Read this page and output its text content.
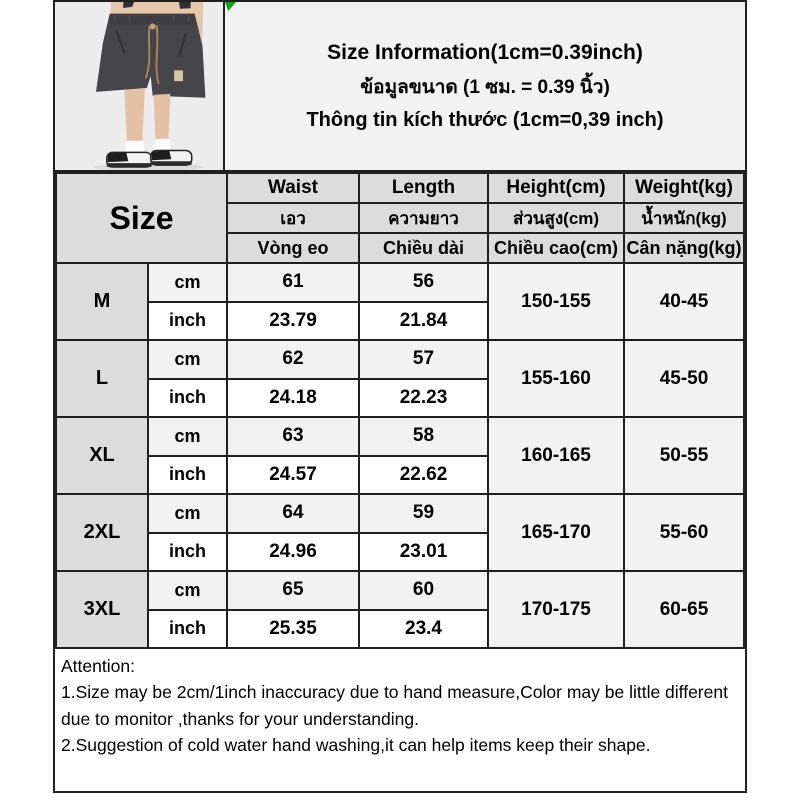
Size Information(1cm=0.39inch)
ข้อมูลขนาด (1 ซม. = 0.39 นิ้ว)
Thông tin kích thước (1cm=0,39 inch)
Size		Waist	Length	Height(cm)	Weight(kg)
		เอว	ความยาว	ส่วนสูง(cm)	น้ำหนัก(kg)
		Vòng eo	Chiều dài	Chiều cao(cm)	Cân nặng(kg)
M	cm	61	56	150-155	40-45
	inch	23.79	21.84		
L	cm	62	57	155-160	45-50
	inch	24.18	22.23		
XL	cm	63	58	160-165	50-55
	inch	24.57	22.62		
2XL	cm	64	59	165-170	55-60
	inch	24.96	23.01		
3XL	cm	65	60	170-175	60-65
	inch	25.35	23.4		

Attention:

1.Size may be 2cm/1inch inaccuracy due to hand measure,Color may be little different due to monitor ,thanks for your understanding.

2.Suggestion of cold water hand washing,it can help items keep their shape.
